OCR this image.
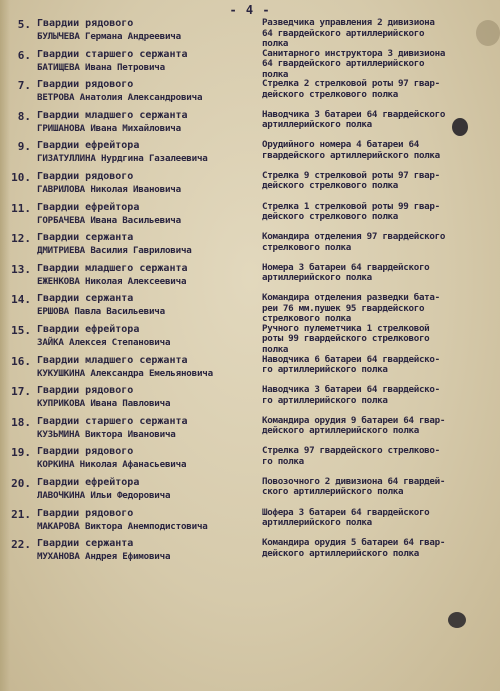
- 4 -
5. Гвардии рядового
БУЛЫЧЕВА Германа Андреевича
Разведчика управления 2 дивизиона
64 гвардейского артиллерийского
полка
6. Гвардии старшего сержанта
БАТИЩЕВА Ивана Петровича
Санитарного инструктора 3 дивизиона
64 гвардейского артиллерийского
полка
7. Гвардии рядового
ВЕТРОВА Анатолия Александровича
Стрелка 2 стрелковой роты 97 гвар-
дейского стрелкового полка
8. Гвардии младшего сержанта
ГРИШАНОВА Ивана Михайловича
Наводчика 3 батареи 64 гвардейского
артиллерийского полка
9. Гвардии ефрейтора
ГИЗАТУЛЛИНА Нурдгина Газалеевича
Орудийного номера 4 батареи 64
гвардейского артиллерийского полка
10. Гвардии рядового
ГАВРИЛОВА Николая Ивановича
Стрелка 9 стрелковой роты 97 гвар-
дейского стрелкового полка
11. Гвардии ефрейтора
ГОРБАЧЕВА Ивана Васильевича
Стрелка 1 стрелковой роты 99 гвар-
дейского стрелкового полка
12. Гвардии сержанта
ДМИТРИЕВА Василия Гавриловича
Командира отделения 97 гвардейского
стрелкового полка
13. Гвардии младшего сержанта
ЕЖЕНКОВА Николая Алексеевича
Номера 3 батареи 64 гвардейского
артиллерийского полка
14. Гвардии сержанта
ЕРШОВА Павла Васильевича
Командира отделения разведки бата-
реи 76 мм.пушек 95 гвардейского
стрелкового полка
15. Гвардии ефрейтора
ЗАЙКА Алексея Степановича
Ручного пулеметчика 1 стрелковой
роты 99 гвардейского стрелкового
полка
16. Гвардии младшего сержанта
КУКУШКИНА Александра Емельяновича
Наводчика 6 батареи 64 гвардейско-
го артиллерийского полка
17. Гвардии рядового
КУПРИКОВА Ивана Павловича
Наводчика 3 батареи 64 гвардейско-
го артиллерийского полка
18. Гвардии старшего сержанта
КУЗЬМИНА Виктора Ивановича
Командира орудия 9 батареи 64 гвар-
дейского артиллерийского полка
19. Гвардии рядового
КОРКИНА Николая Афанасьевича
Стрелка 97 гвардейского стрелково-
го полка
20. Гвардии ефрейтора
ЛАВОЧКИНА Ильи Федоровича
Повозочного 2 дивизиона 64 гвардей-
ского артиллерийского полка
21. Гвардии рядового
МАКАРОВА Виктора Анемподистовича
Шофера 3 батареи 64 гвардейского
артиллерийского полка
22. Гвардии сержанта
МУХАНОВА Андрея Ефимовича
Командира орудия 5 батареи 64 гвар-
дейского артиллерийского полка
